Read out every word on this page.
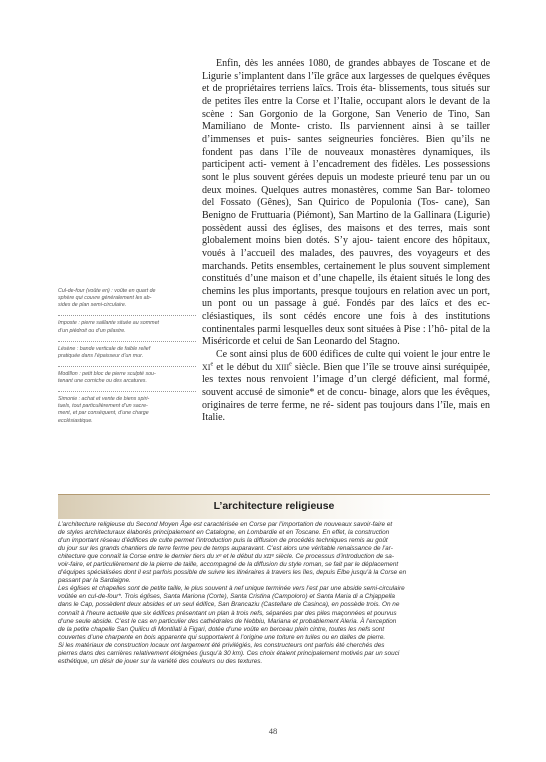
Cul-de-four (voûte en) : voûte en quart de

sphère qui couvre généralement les ab-

sides de plan semi-circulaire.

Imposte : pierre saillante située au sommet

d’un piédroit ou d’un pilastre.

Lésène : bande verticale de faible relief

pratiquée dans l’épaisseur d’un mur.

Modillon : petit bloc de pierre sculpté sou-

tenant une corniche ou des arcatures.

Simonie : achat et vente de biens spiri-

tuels, tout particulièrement d’un sacre-

ment, et par conséquent, d’une charge

ecclésiastique.

Enfin, dès les années 1080, de grandes abbayes de Toscane et de Ligurie s’implantent dans l’île grâce aux largesses de quelques évêques et de propriétaires terriens laïcs. Trois éta- blissements, tous situés sur de petites îles entre la Corse et l’Italie, occupant alors le devant de la scène : San Gorgonio de la Gorgone, San Venerio de Tino, San Mamiliano de Monte- cristo. Ils parviennent ainsi à se tailler d’immenses et puis- santes seigneuries foncières. Bien qu’ils ne fondent pas dans l’île de nouveaux monastères dynamiques, ils participent acti- vement à l’encadrement des fidèles. Les possessions sont le plus souvent gérées depuis un modeste prieuré tenu par un ou deux moines. Quelques autres monastères, comme San Bar- tolomeo del Fossato (Gênes), San Quirico de Populonia (Tos- cane), San Benigno de Fruttuaria (Piémont), San Martino de la Gallinara (Ligurie) possèdent aussi des églises, des maisons et des terres, mais sont globalement moins bien dotés. S’y ajou- taient encore des hôpitaux, voués à l’accueil des malades, des pauvres, des voyageurs et des marchands. Petits ensembles, certainement le plus souvent simplement constitués d’une maison et d’une chapelle, ils étaient situés le long des chemins les plus importants, presque toujours en relation avec un port, un pont ou un passage à gué. Fondés par des laïcs et des ec- clésiastiques, ils sont cédés encore une fois à des institutions continentales parmi lesquelles deux sont situées à Pise : l’hô- pital de la Miséricorde et celui de San Leonardo del Stagno.

Ce sont ainsi plus de 600 édifices de culte qui voient le jour entre le XIe et le début du XIIIe siècle. Bien que l’île se trouve ainsi suréquipée, les textes nous renvoient l’image d’un clergé déficient, mal formé, souvent accusé de simonie* et de concu- binage, alors que les évêques, originaires de terre ferme, ne ré- sident pas toujours dans l’île, mais en Italie.

L’architecture religieuse

L’architecture religieuse du Second Moyen Âge est caractérisée en Corse par l’importation de nouveaux savoir-faire et

de styles architecturaux élaborés principalement en Catalogne, en Lombardie et en Toscane. En effet, la construction

d’un important réseau d’édifices de culte permet l’introduction puis la diffusion de procédés techniques remis au goût

du jour sur les grands chantiers de terre ferme peu de temps auparavant. C’est alors une véritable renaissance de l’ar-

chitecture que connaît la Corse entre le dernier tiers du xᵉ et le début du xɪɪᵉ siècle. Ce processus d’introduction de sa-

voir-faire, et particulièrement de la pierre de taille, accompagné de la diffusion du style roman, se fait par le déplacement

d’équipes spécialisées dont il est parfois possible de suivre les itinéraires à travers les îles, depuis Elbe jusqu’à la Corse en

passant par la Sardaigne.

Les églises et chapelles sont de petite taille, le plus souvent à nef unique terminée vers l’est par une abside semi-circulaire

voûtée en cul-de-four*. Trois églises, Santa Mariona (Corte), Santa Cristina (Campoloro) et Santa Maria di a Chjappella

dans le Cap, possèdent deux absides et un seul édifice, San Brancaziu (Castellare de Casinca), en possède trois. On ne

connaît à l’heure actuelle que six édifices présentant un plan à trois nefs, séparées par des piles maçonnées et pourvus

d’une seule abside. C’est le cas en particulier des cathédrales de Nebbiu, Mariana et probablement Aleria. À l’exception

de la petite chapelle San Quilicu di Montilati à Figari, dotée d’une voûte en berceau plein cintre, toutes les nefs sont

couvertes d’une charpente en bois apparente qui supportaient à l’origine une toiture en tuiles ou en dalles de pierre.

Si les matériaux de construction locaux ont largement été privilégiés, les constructeurs ont parfois été cherchés des

pierres dans des carrières relativement éloignées (jusqu’à 30 km). Ces choix étaient principalement motivés par un souci

esthétique, un désir de jouer sur la variété des couleurs ou des textures.

48
